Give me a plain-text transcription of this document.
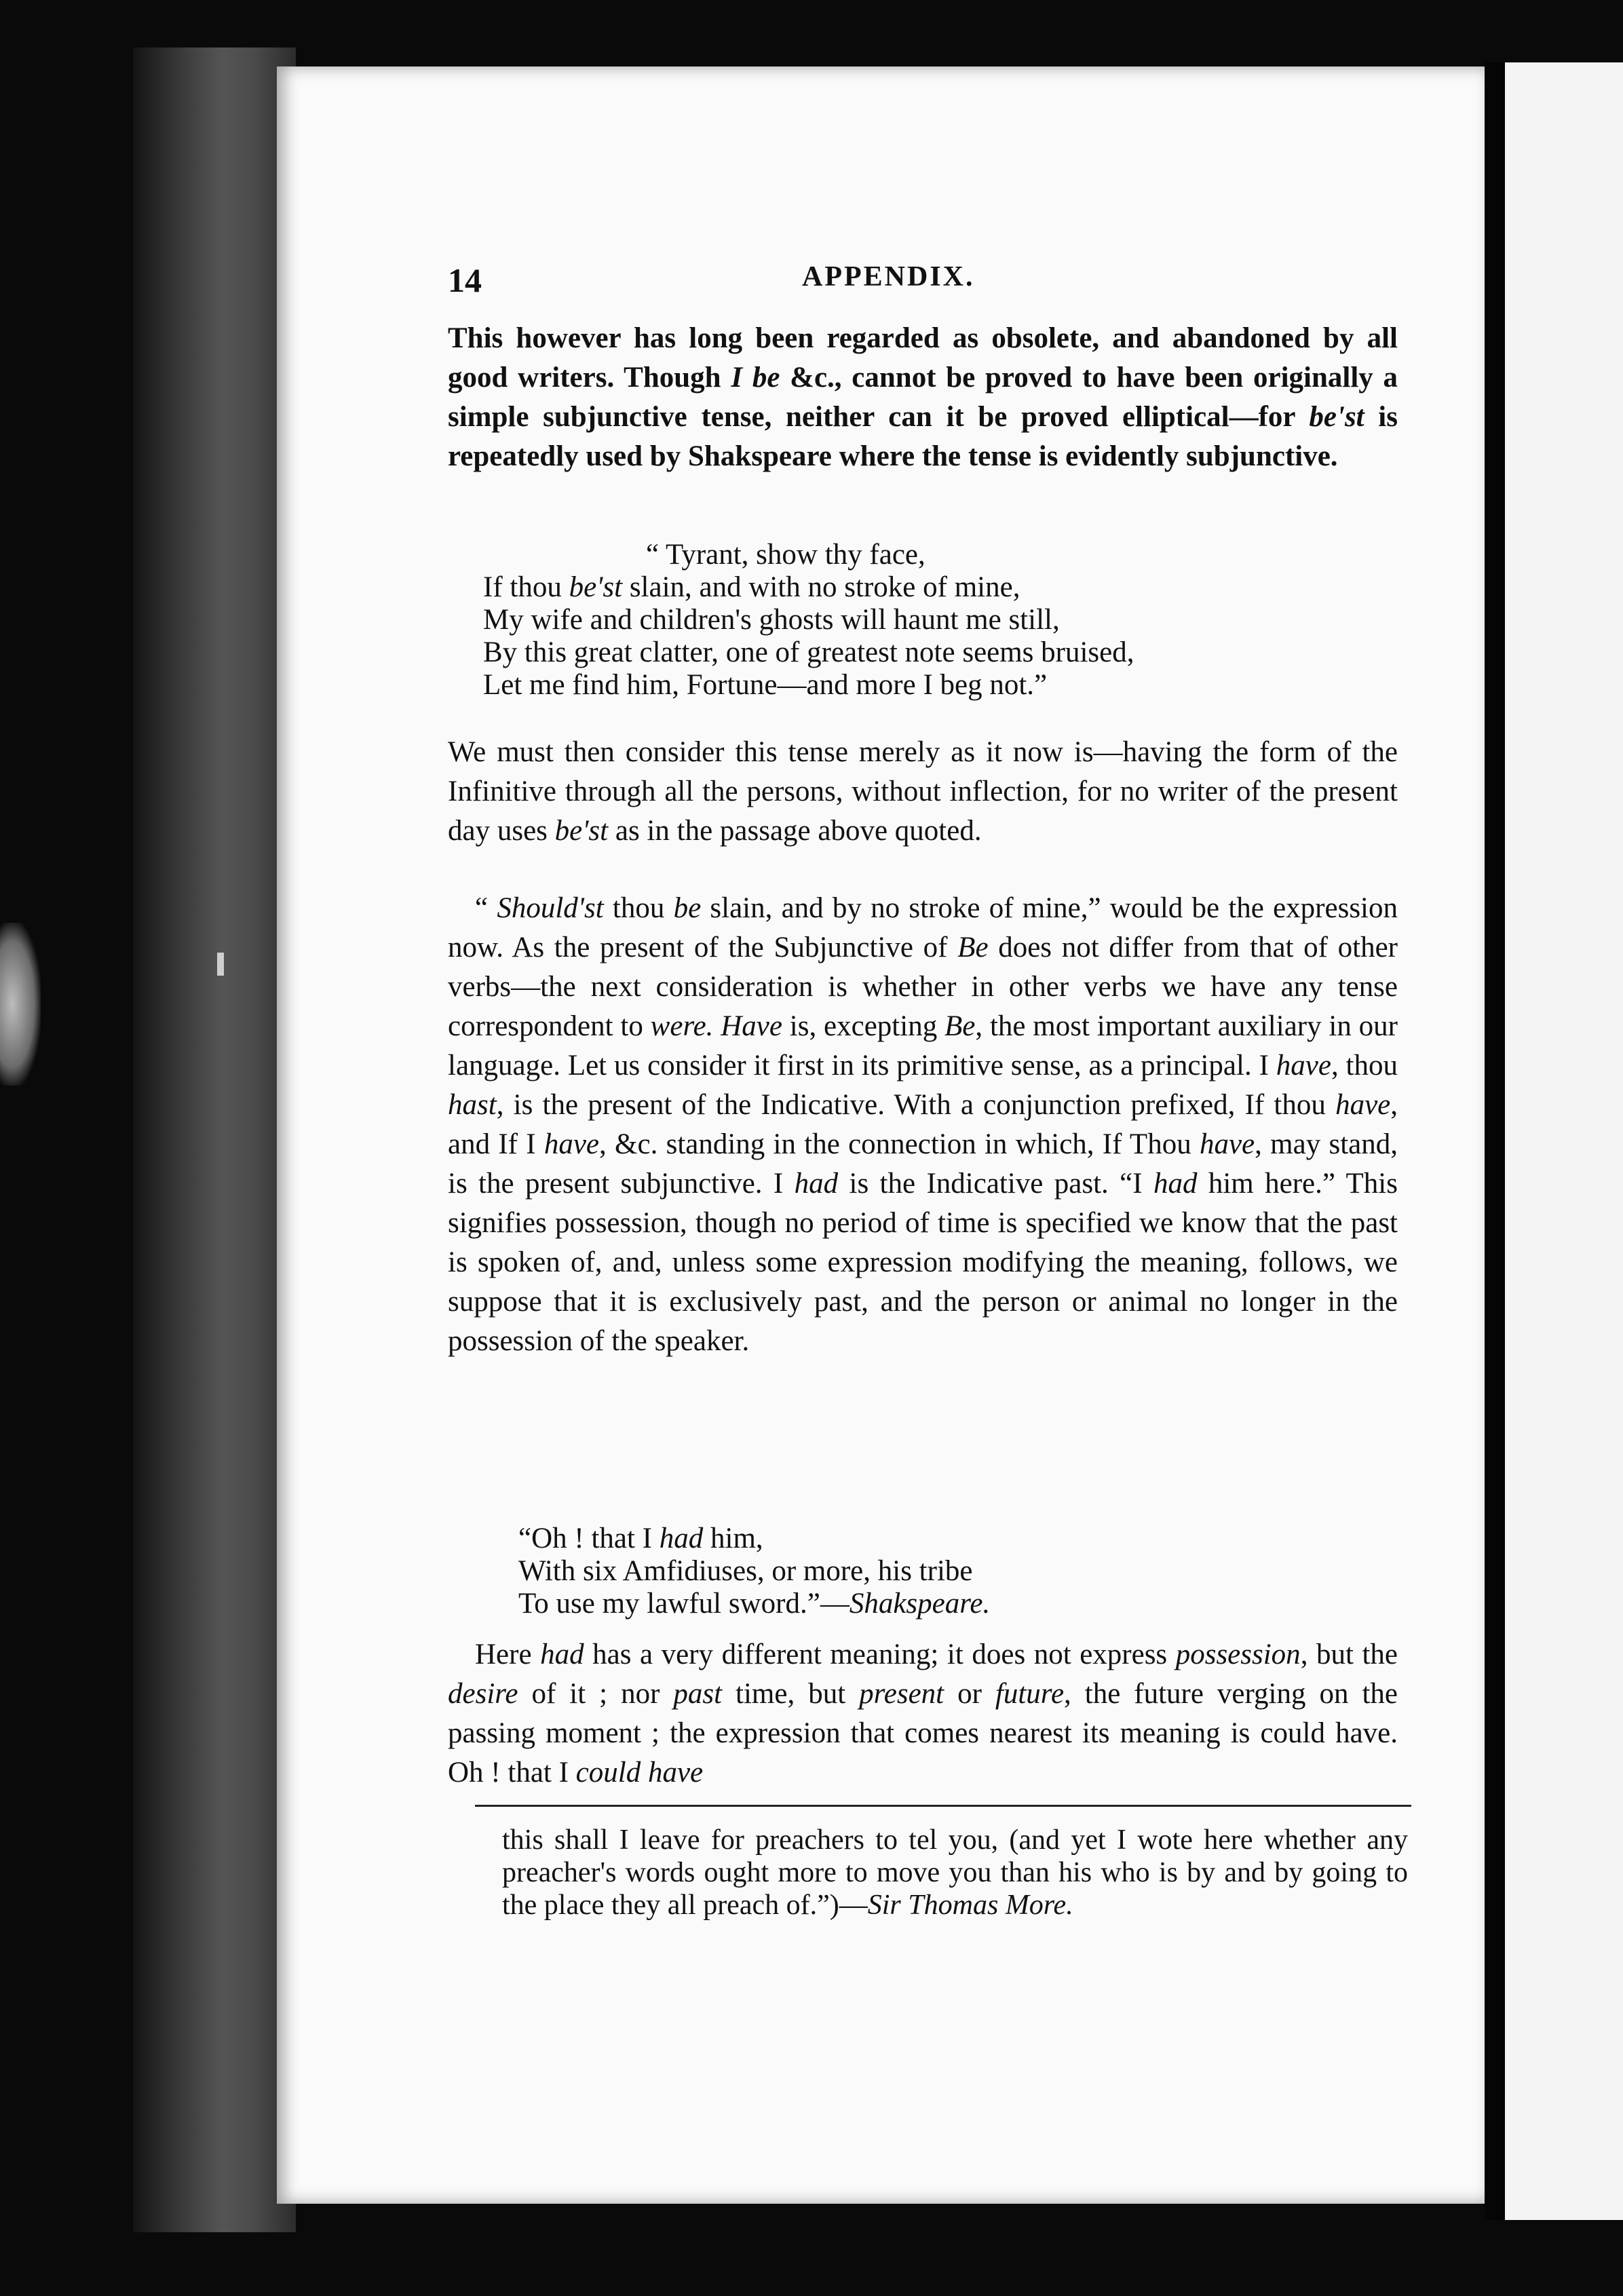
14	APPENDIX.

This however has long been regarded as obsolete, and abandoned by all good writers. Though I be &c., cannot be proved to have been originally a simple subjunctive tense, neither can it be proved elliptical—for be'st is repeatedly used by Shakspeare where the tense is evidently subjunctive.

“ Tyrant, show thy face,
If thou be'st slain, and with no stroke of mine,
My wife and children's ghosts will haunt me still,
By this great clatter, one of greatest note seems bruised,
Let me find him, Fortune—and more I beg not.”

We must then consider this tense merely as it now is—having the form of the Infinitive through all the persons, without inflection, for no writer of the present day uses be'st as in the passage above quoted.

“ Should'st thou be slain, and by no stroke of mine,” would be the expression now. As the present of the Subjunctive of Be does not differ from that of other verbs—the next consideration is whether in other verbs we have any tense correspondent to were. Have is, excepting Be, the most important auxiliary in our language. Let us consider it first in its primitive sense, as a principal. I have, thou hast, is the present of the Indicative. With a conjunction prefixed, If thou have, and If I have, &c. standing in the connection in which, If Thou have, may stand, is the present subjunctive. I had is the Indicative past. “I had him here.” This signifies possession, though no period of time is specified we know that the past is spoken of, and, unless some expression modifying the meaning, follows, we suppose that it is exclusively past, and the person or animal no longer in the possession of the speaker.

“Oh ! that I had him,
With six Amfidiuses, or more, his tribe
To use my lawful sword.”—Shakspeare.

Here had has a very different meaning; it does not express possession, but the desire of it ; nor past time, but present or future, the future verging on the passing moment ; the expression that comes nearest its meaning is could have. Oh ! that I could have

this shall I leave for preachers to tel you, (and yet I wote here whether any preacher's words ought more to move you than his who is by and by going to the place they all preach of.”)—Sir Thomas More.
